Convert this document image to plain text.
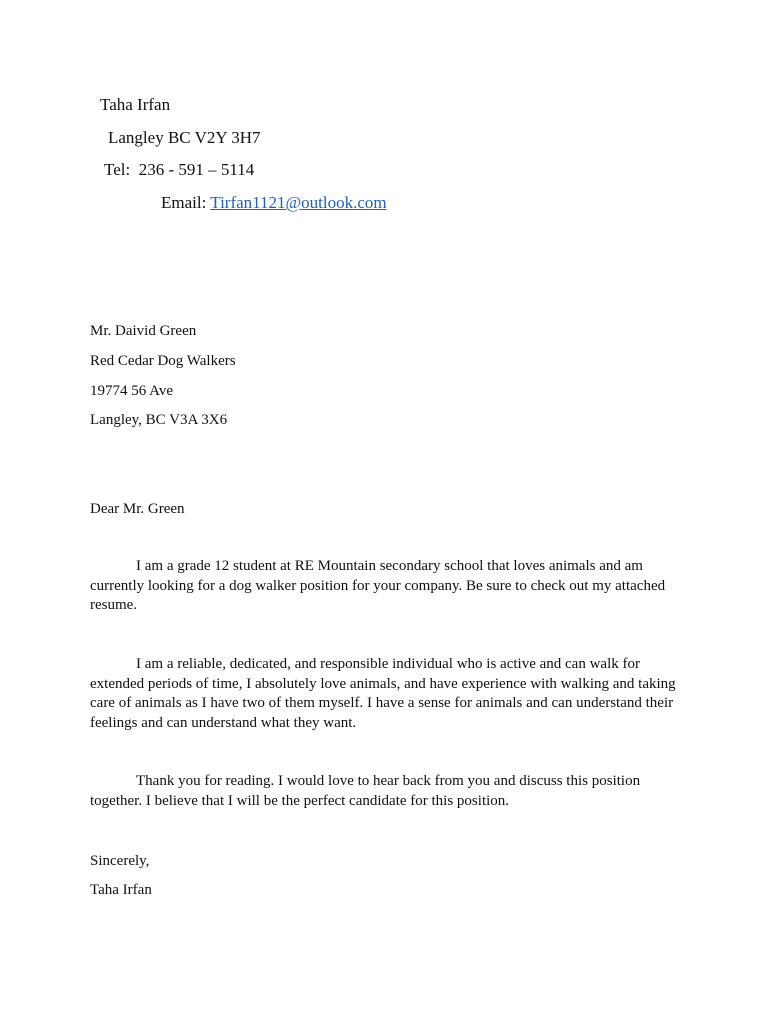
Taha Irfan
Langley BC V2Y 3H7
Tel: 236 - 591 – 5114
Email: Tirfan1121@outlook.com
Mr. Daivid Green
Red Cedar Dog Walkers
19774 56 Ave
Langley, BC V3A 3X6
Dear Mr. Green

I am a grade 12 student at RE Mountain secondary school that loves animals and am currently looking for a dog walker position for your company. Be sure to check out my attached resume.

I am a reliable, dedicated, and responsible individual who is active and can walk for extended periods of time, I absolutely love animals, and have experience with walking and taking care of animals as I have two of them myself. I have a sense for animals and can understand their feelings and can understand what they want.

Thank you for reading. I would love to hear back from you and discuss this position together. I believe that I will be the perfect candidate for this position.

Sincerely,
Taha Irfan
